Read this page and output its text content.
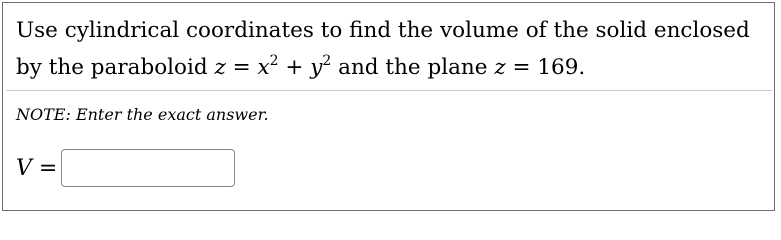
Use cylindrical coordinates to find the volume of the solid enclosed
by the paraboloid $z = x^2 + y^2$ and the plane z = 169.
NOTE: Enter the exact answer.
V =
